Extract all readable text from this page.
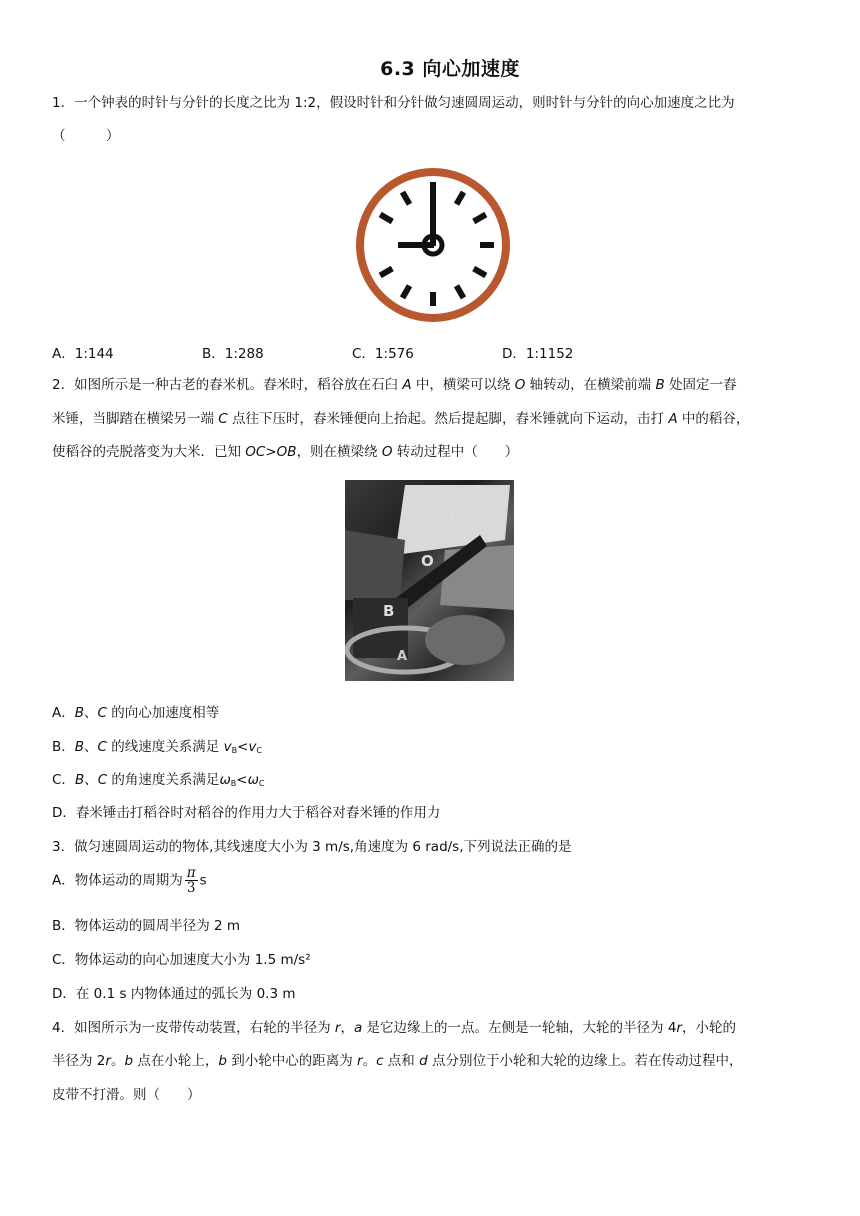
6.3 向心加速度
1．一个钟表的时针与分针的长度之比为 1:2，假设时针和分针做匀速圆周运动，则时针与分针的向心加速度之比为
（　　　）
A．1:144	B．1:288	C．1:576	D．1:1152
2．如图所示是一种古老的舂米机。舂米时，稻谷放在石臼 A 中，横梁可以绕 O 轴转动，在横梁前端 B 处固定一舂
米锤，当脚踏在横梁另一端 C 点往下压时，舂米锤便向上抬起。然后提起脚，舂米锤就向下运动，击打 A 中的稻谷，
使稻谷的壳脱落变为大米．已知 OC>OB，则在横梁绕 O 转动过程中（　　）
C
O
B
A
A．B、C 的向心加速度相等
B．B、C 的线速度关系满足 $v_B<v_C$
C．B、C 的角速度关系满足$\omega_B<\omega_C$
D．舂米锤击打稻谷时对稻谷的作用力大于稻谷对舂米锤的作用力
3．做匀速圆周运动的物体,其线速度大小为 3 m/s,角速度为 6 rad/s,下列说法正确的是
A．物体运动的周期为 $\frac{\pi}{3}$ s
B．物体运动的圆周半径为 2 m
C．物体运动的向心加速度大小为 1.5 m/s²
D．在 0.1 s 内物体通过的弧长为 0.3 m
4．如图所示为一皮带传动装置，右轮的半径为 r，a 是它边缘上的一点。左侧是一轮轴，大轮的半径为 4r，小轮的
半径为 2r。b 点在小轮上，b 到小轮中心的距离为 r。c 点和 d 点分别位于小轮和大轮的边缘上。若在传动过程中，
皮带不打滑。则（　　）
